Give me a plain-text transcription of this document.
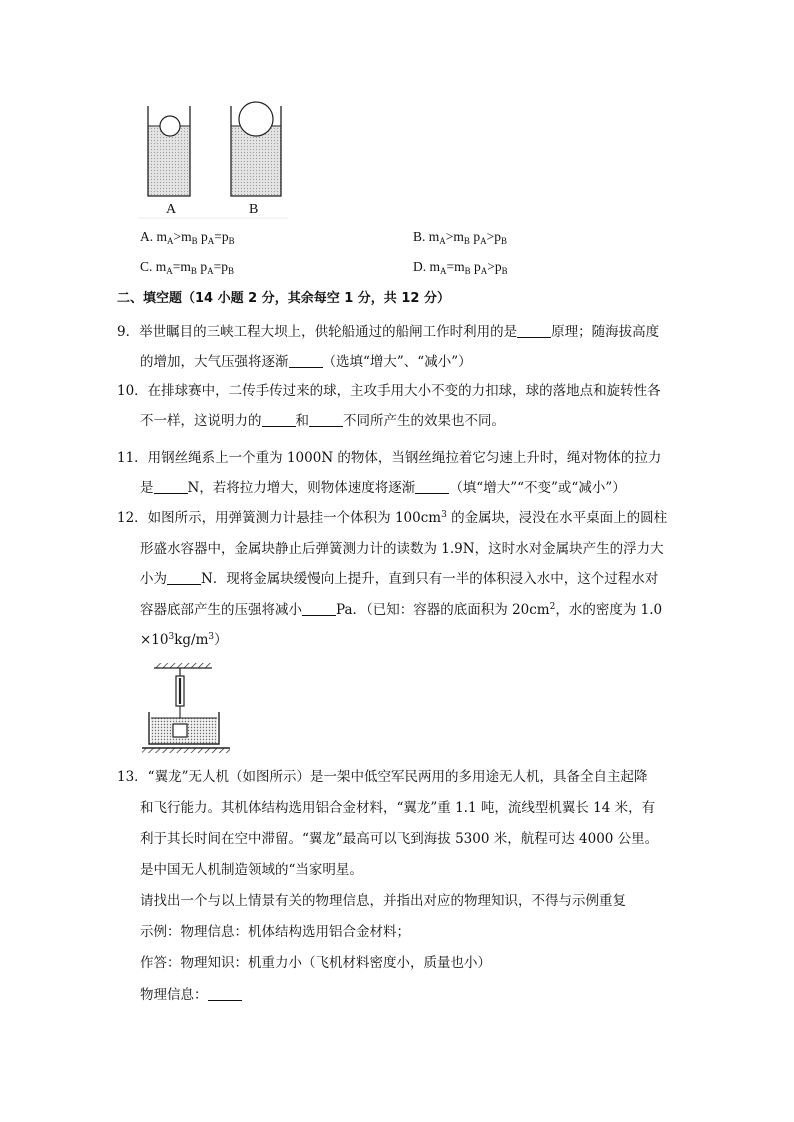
A	B
A. $m_A>m_B$ $p_A=p_B$	B. $m_A>m_B$ $p_A>p_B$
C. $m_A=m_B$ $p_A=p_B$	D. $m_A=m_B$ $p_A>p_B$
二、填空题（14 小题 2 分，其余每空 1 分，共 12 分）
9．举世瞩目的三峡工程大坝上，供轮船通过的船闸工作时利用的是	原理；随海拔高度
的增加，大气压强将逐渐	（选填“增大”、“减小”）
10．在排球赛中，二传手传过来的球，主攻手用大小不变的力扣球，球的落地点和旋转性各
不一样，这说明力的	和	不同所产生的效果也不同。
11．用钢丝绳系上一个重为 1000N 的物体，当钢丝绳拉着它匀速上升时，绳对物体的拉力
是	N，若将拉力增大，则物体速度将逐渐	（填“增大”“不变”或“减小”）
12．如图所示，用弹簧测力计悬挂一个体积为 $100cm^3$ 的金属块，浸没在水平桌面上的圆柱
形盛水容器中，金属块静止后弹簧测力计的读数为 1.9N，这时水对金属块产生的浮力大
小为	N．现将金属块缓慢向上提升，直到只有一半的体积浸入水中，这个过程水对
容器底部产生的压强将减小	Pa．（已知：容器的底面积为 $20cm^2$，水的密度为 1.0
$\times 10^3kg/m^3$）
13．“翼龙”无人机（如图所示）是一架中低空军民两用的多用途无人机，具备全自主起降
和飞行能力。其机体结构选用铝合金材料，“翼龙”重 1.1 吨，流线型机翼长 14 米，有
利于其长时间在空中滞留。“翼龙”最高可以飞到海拔 5300 米，航程可达 4000 公里。
是中国无人机制造领域的“当家明星。
请找出一个与以上情景有关的物理信息，并指出对应的物理知识，不得与示例重复
示例：物理信息：机体结构选用铝合金材料；
作答：物理知识：机重力小（飞机材料密度小，质量也小）
物理信息：
